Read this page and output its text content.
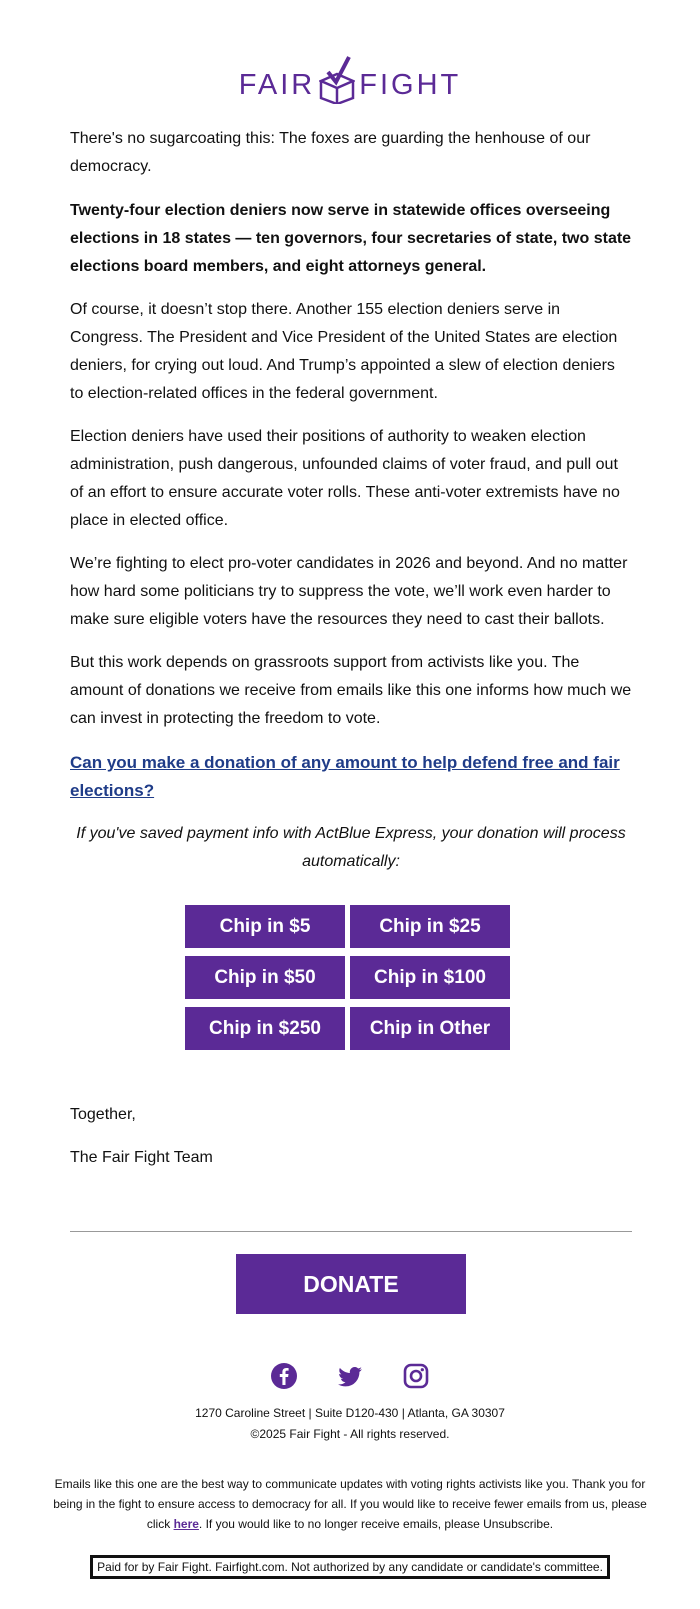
FAIR FIGHT

There's no sugarcoating this: The foxes are guarding the henhouse of our democracy.

Twenty-four election deniers now serve in statewide offices overseeing elections in 18 states — ten governors, four secretaries of state, two state elections board members, and eight attorneys general.

Of course, it doesn’t stop there. Another 155 election deniers serve in Congress. The President and Vice President of the United States are election deniers, for crying out loud. And Trump’s appointed a slew of election deniers to election-related offices in the federal government.

Election deniers have used their positions of authority to weaken election administration, push dangerous, unfounded claims of voter fraud, and pull out of an effort to ensure accurate voter rolls. These anti-voter extremists have no place in elected office.

We’re fighting to elect pro-voter candidates in 2026 and beyond. And no matter how hard some politicians try to suppress the vote, we’ll work even harder to make sure eligible voters have the resources they need to cast their ballots.

But this work depends on grassroots support from activists like you. The amount of donations we receive from emails like this one informs how much we can invest in protecting the freedom to vote.

Can you make a donation of any amount to help defend free and fair elections?

If you've saved payment info with ActBlue Express, your donation will process automatically:

Chip in $5	Chip in $25
Chip in $50	Chip in $100
Chip in $250	Chip in Other

Together,

The Fair Fight Team

DONATE
1270 Caroline Street | Suite D120-430 | Atlanta, GA 30307
©2025 Fair Fight - All rights reserved.
Emails like this one are the best way to communicate updates with voting rights activists like you. Thank you for being in the fight to ensure access to democracy for all. If you would like to receive fewer emails from us, please click here. If you would like to no longer receive emails, please Unsubscribe.
Paid for by Fair Fight. Fairfight.com. Not authorized by any candidate or candidate's committee.
